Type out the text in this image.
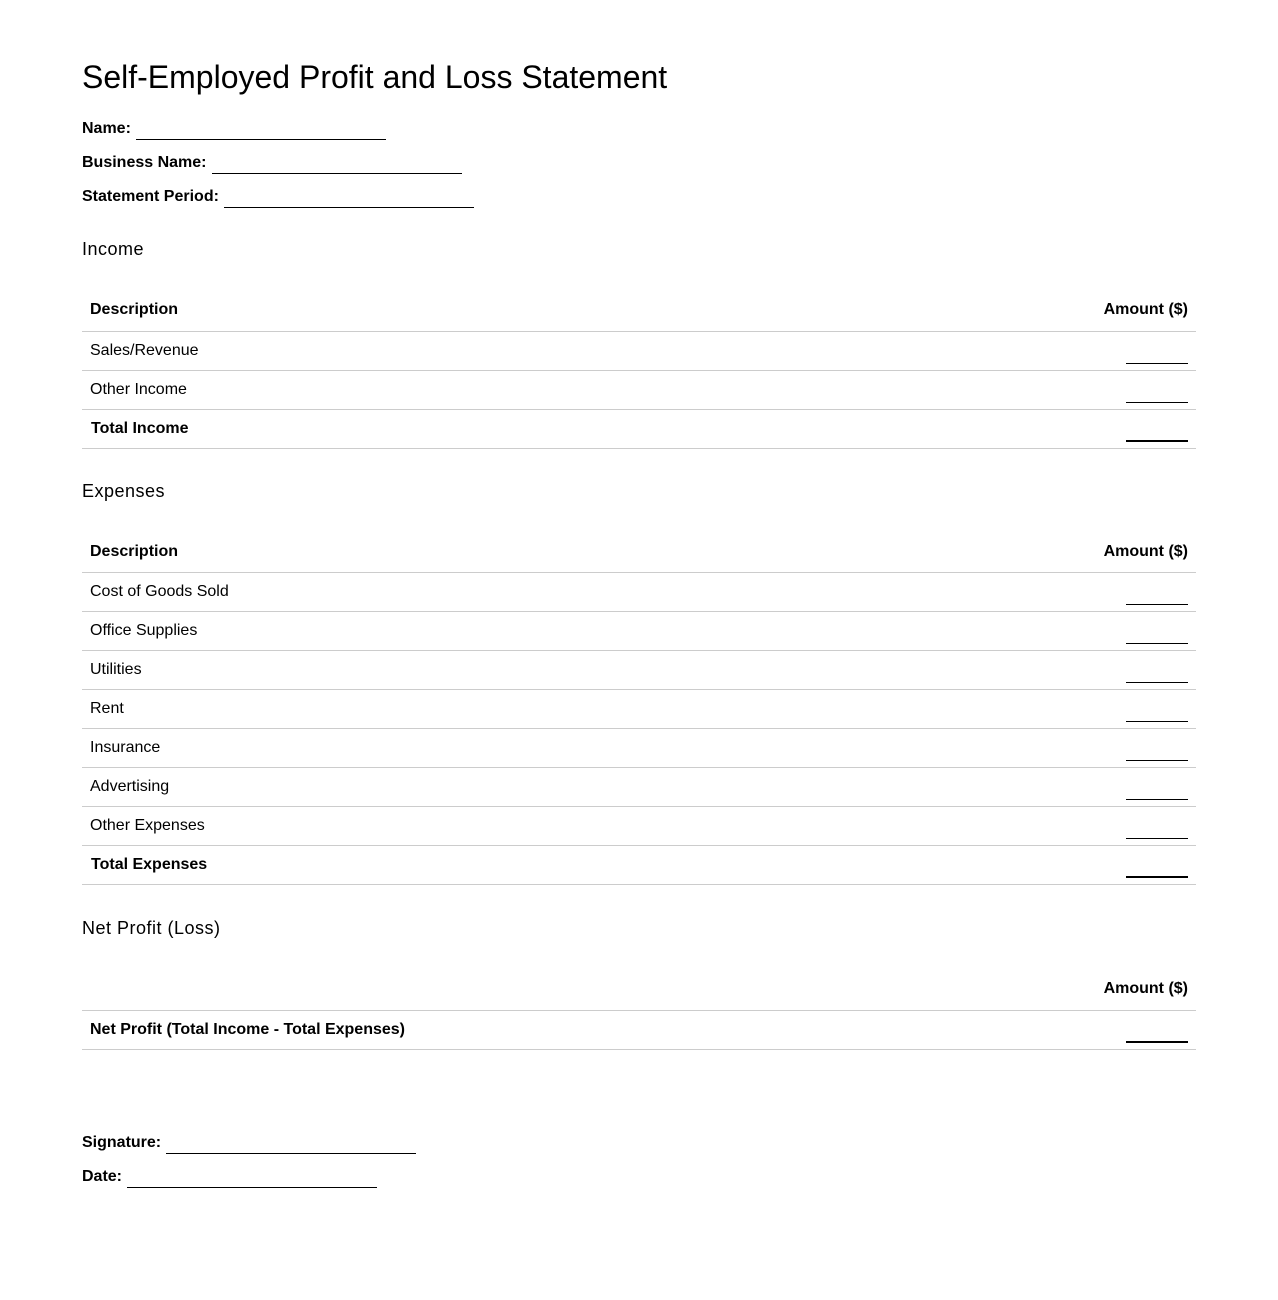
Self-Employed Profit and Loss Statement
Name:
Business Name:
Statement Period:
Income
Description	Amount ($)
Sales/Revenue	
Other Income	
Total Income	
Expenses
Description	Amount ($)
Cost of Goods Sold	
Office Supplies	
Utilities	
Rent	
Insurance	
Advertising	
Other Expenses	
Total Expenses	
Net Profit (Loss)
	Amount ($)
Net Profit (Total Income - Total Expenses)	
Signature:
Date:
